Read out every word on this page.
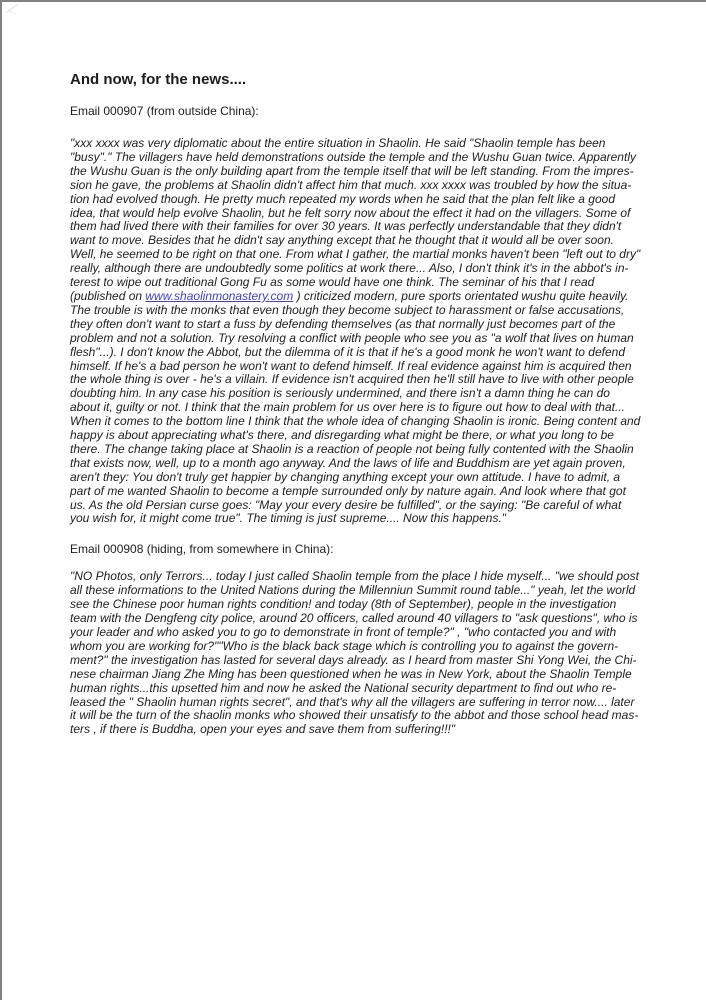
And now, for the news....
Email 000907 (from outside China):
"xxx xxxx was very diplomatic about the entire situation in Shaolin. He said "Shaolin temple has been
"busy"." The villagers have held demonstrations outside the temple and the Wushu Guan twice. Apparently
the Wushu Guan is the only building apart from the temple itself that will be left standing. From the impres-
sion he gave, the problems at Shaolin didn't affect him that much. xxx xxxx was troubled by how the situa-
tion had evolved though. He pretty much repeated my words when he said that the plan felt like a good
idea, that would help evolve Shaolin, but he felt sorry now about the effect it had on the villagers. Some of
them had lived there with their families for over 30 years. It was perfectly understandable that they didn't
want to move. Besides that he didn't say anything except that he thought that it would all be over soon.
Well, he seemed to be right on that one. From what I gather, the martial monks haven't been "left out to dry"
really, although there are undoubtedly some politics at work there... Also, I don't think it's in the abbot's in-
terest to wipe out traditional Gong Fu as some would have one think. The seminar of his that I read
(published on www.shaolinmonastery.com ) criticized modern, pure sports orientated wushu quite heavily.
The trouble is with the monks that even though they become subject to harassment or false accusations,
they often don't want to start a fuss by defending themselves (as that normally just becomes part of the
problem and not a solution. Try resolving a conflict with people who see you as "a wolf that lives on human
flesh"...). I don't know the Abbot, but the dilemma of it is that if he's a good monk he won't want to defend
himself. If he's a bad person he won't want to defend himself. If real evidence against him is acquired then
the whole thing is over - he's a villain. If evidence isn't acquired then he'll still have to live with other people
doubting him. In any case his position is seriously undermined, and there isn't a damn thing he can do
about it, guilty or not. I think that the main problem for us over here is to figure out how to deal with that...
When it comes to the bottom line I think that the whole idea of changing Shaolin is ironic. Being content and
happy is about appreciating what's there, and disregarding what might be there, or what you long to be
there. The change taking place at Shaolin is a reaction of people not being fully contented with the Shaolin
that exists now, well, up to a month ago anyway. And the laws of life and Buddhism are yet again proven,
aren't they: You don't truly get happier by changing anything except your own attitude. I have to admit, a
part of me wanted Shaolin to become a temple surrounded only by nature again. And look where that got
us. As the old Persian curse goes: "May your every desire be fulfilled", or the saying: "Be careful of what
you wish for, it might come true". The timing is just supreme.... Now this happens."
Email 000908 (hiding, from somewhere in China):
"NO Photos, only Terrors... today I just called Shaolin temple from the place I hide myself... "we should post
all these informations to the United Nations during the Millenniun Summit round table..." yeah, let the world
see the Chinese poor human rights condition! and today (8th of September), people in the investigation
team with the Dengfeng city police, around 20 officers, called around 40 villagers to "ask questions", who is
your leader and who asked you to go to demonstrate in front of temple?" , "who contacted you and with
whom you are working for?""Who is the black back stage which is controlling you to against the govern-
ment?" the investigation has lasted for several days already. as I heard from master Shi Yong Wei, the Chi-
nese chairman Jiang Zhe Ming has been questioned when he was in New York, about the Shaolin Temple
human rights...this upsetted him and now he asked the National security department to find out who re-
leased the " Shaolin human rights secret", and that's why all the villagers are suffering in terror now.... later
it will be the turn of the shaolin monks who showed their unsatisfy to the abbot and those school head mas-
ters , if there is Buddha, open your eyes and save them from suffering!!!"
